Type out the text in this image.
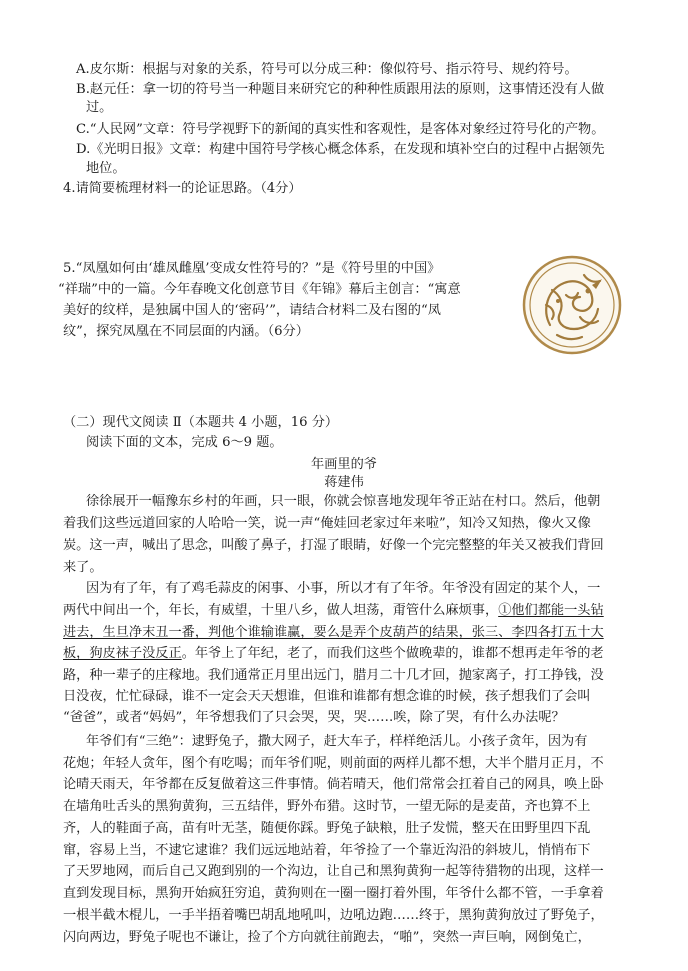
A.皮尔斯：根据与对象的关系，符号可以分成三种：像似符号、指示符号、规约符号。
B.赵元任：拿一切的符号当一种题目来研究它的种种性质跟用法的原则，这事情还没有人做
过。
C.“人民网”文章：符号学视野下的新闻的真实性和客观性，是客体对象经过符号化的产物。
D.《光明日报》文章：构建中国符号学核心概念体系，在发现和填补空白的过程中占据领先
地位。
4.请简要梳理材料一的论证思路。（4分）
5.“凤凰如何由‘雄凤雌凰’变成女性符号的？”是《符号里的中国》
“祥瑞”中的一篇。今年春晚文化创意节目《年锦》幕后主创言：“寓意
美好的纹样，是独属中国人的‘密码’”，请结合材料二及右图的“凤
纹”，探究凤凰在不同层面的内涵。（6分）
（二）现代文阅读 Ⅱ（本题共 4 小题，16 分）
阅读下面的文本，完成 6～9 题。
年画里的爷
蒋建伟
徐徐展开一幅豫东乡村的年画，只一眼，你就会惊喜地发现年爷正站在村口。然后，他朝
着我们这些远道回家的人哈哈一笑，说一声“俺娃回老家过年来啦”，知冷又知热，像火又像
炭。这一声，喊出了思念，叫酸了鼻子，打湿了眼睛，好像一个完完整整的年关又被我们背回
来了。
因为有了年，有了鸡毛蒜皮的闲事、小事，所以才有了年爷。年爷没有固定的某个人，一
两代中间出一个，年长，有威望，十里八乡，做人坦荡，甭管什么麻烦事，①他们都能一头钻
进去，生旦净末丑一番，判他个谁输谁赢，要么是弄个皮葫芦的结果，张三、李四各打五十大
板，狗皮袜子没反正。年爷上了年纪，老了，而我们这些个做晚辈的，谁都不想再走年爷的老
路，种一辈子的庄稼地。我们通常正月里出远门，腊月二十几才回，抛家离子，打工挣钱，没
日没夜，忙忙碌碌，谁不一定会天天想谁，但谁和谁都有想念谁的时候，孩子想我们了会叫
“爸爸”，或者“妈妈”，年爷想我们了只会哭，哭，哭……唉，除了哭，有什么办法呢？
年爷们有“三绝”：逮野兔子，撒大网子，赶大车子，样样绝活儿。小孩子贪年，因为有
花炮；年轻人贪年，图个有吃喝；而年爷们呢，则前面的两样儿都不想，大半个腊月正月，不
论晴天雨天，年爷都在反复做着这三件事情。倘若晴天，他们常常会扛着自己的网具，唤上卧
在墙角吐舌头的黑狗黄狗，三五结伴，野外布猎。这时节，一望无际的是麦苗，齐也算不上
齐，人的鞋面子高，苗有叶无茎，随便你踩。野兔子缺粮，肚子发慌，整天在田野里四下乱
窜，容易上当，不逮它逮谁？我们远远地站着，年爷捡了一个靠近沟沿的斜坡儿，悄悄布下
了天罗地网，而后自己又跑到别的一个沟边，让自己和黑狗黄狗一起等待猎物的出现，这样一
直到发现目标，黑狗开始疯狂穷追，黄狗则在一圈一圈打着外围，年爷什么都不管，一手拿着
一根半截木棍儿，一手半捂着嘴巴胡乱地吼叫，边吼边跑……终于，黑狗黄狗放过了野兔子，
闪向两边，野兔子呢也不谦让，捡了个方向就往前跑去，“啪”，突然一声巨响，网倒兔亡，
